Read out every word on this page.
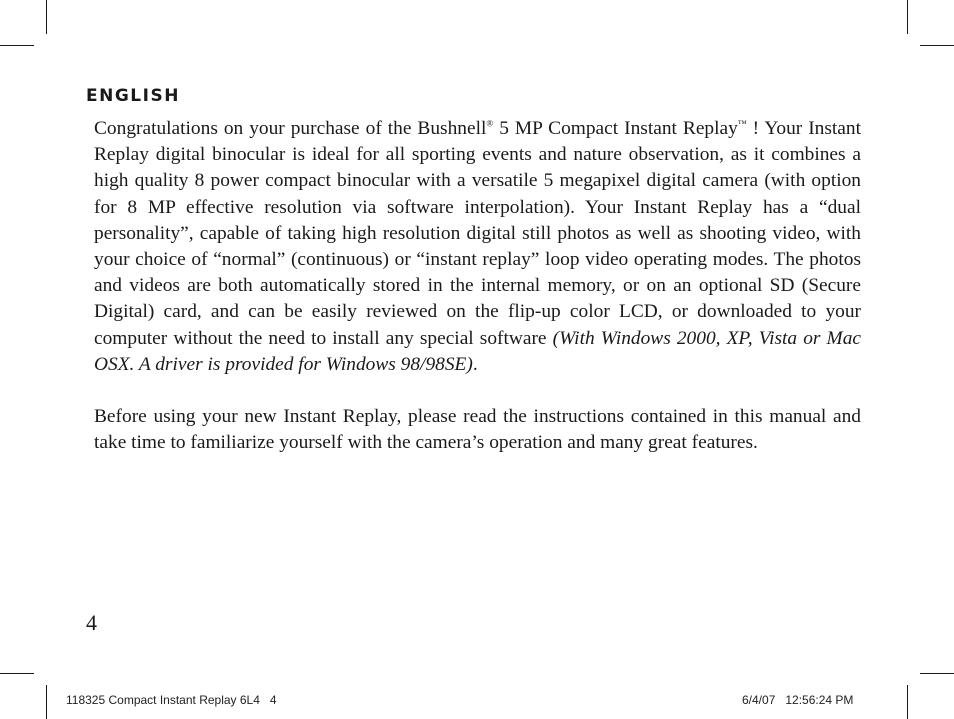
ENGLISH

Congratulations on your purchase of the Bushnell® 5 MP Compact Instant Replay™ ! Your Instant Replay digital binocular is ideal for all sporting events and nature observation, as it combines a high quality 8 power compact binocular with a versatile 5 megapixel digital camera (with option for 8 MP effective resolution via software interpolation). Your Instant Replay has a “dual personality”, capable of taking high resolution digital still photos as well as shooting video, with your choice of “normal” (continuous) or “instant replay” loop video operating modes. The photos and videos are both automatically stored in the internal memory, or on an optional SD (Secure Digital) card, and can be easily reviewed on the flip-up color LCD, or downloaded to your computer without the need to install any special software (With Windows 2000, XP, Vista or Mac OSX. A driver is provided for Windows 98/98SE).

Before using your new Instant Replay, please read the instructions contained in this manual and take time to familiarize yourself with the camera’s operation and many great features.

4
118325 Compact Instant Replay 6L4   4	6/4/07   12:56:24 PM
